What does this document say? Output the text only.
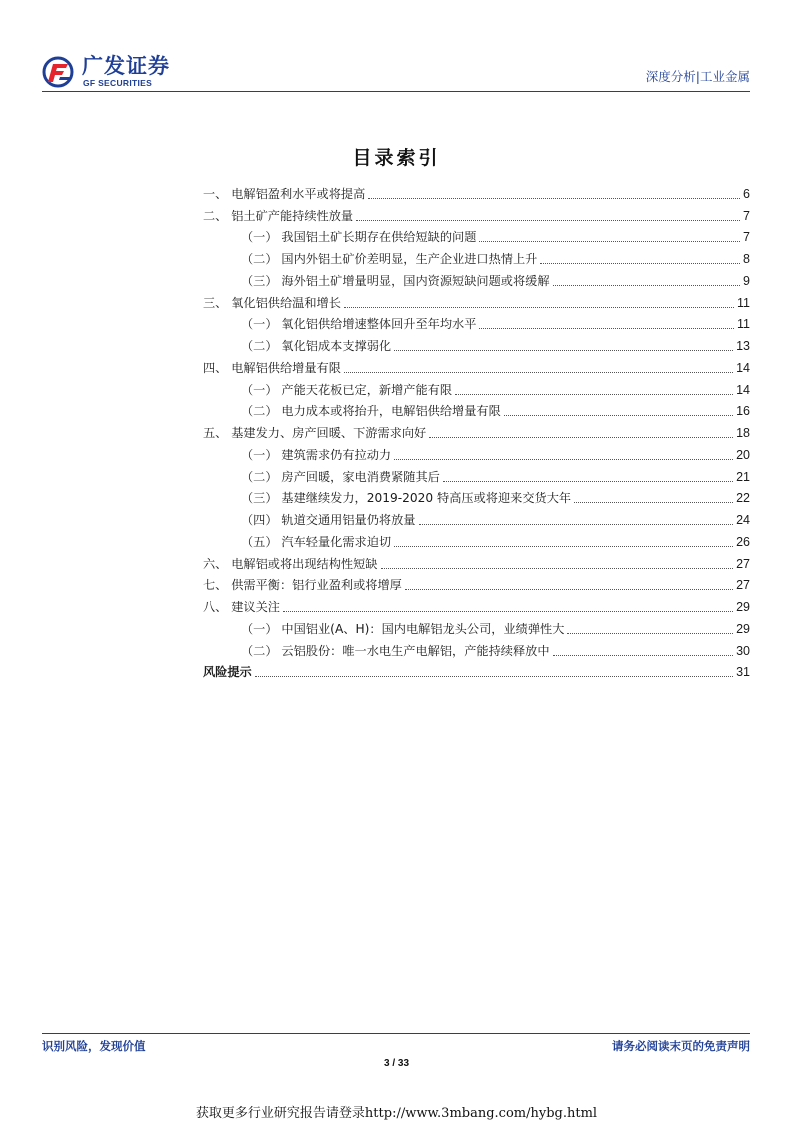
广发证券
GF SECURITIES	深度分析|工业金属
目录索引
一、 电解铝盈利水平或将提高	6
二、 铝土矿产能持续性放量	7
（一） 我国铝土矿长期存在供给短缺的问题	7
（二） 国内外铝土矿价差明显，生产企业进口热情上升	8
（三） 海外铝土矿增量明显，国内资源短缺问题或将缓解	9
三、 氧化铝供给温和增长	11
（一） 氧化铝供给增速整体回升至年均水平	11
（二） 氧化铝成本支撑弱化	13
四、 电解铝供给增量有限	14
（一） 产能天花板已定，新增产能有限	14
（二） 电力成本或将抬升，电解铝供给增量有限	16
五、 基建发力、房产回暖、下游需求向好	18
（一） 建筑需求仍有拉动力	20
（二） 房产回暖，家电消费紧随其后	21
（三） 基建继续发力，2019-2020 特高压或将迎来交货大年	22
（四） 轨道交通用铝量仍将放量	24
（五） 汽车轻量化需求迫切	26
六、 电解铝或将出现结构性短缺	27
七、 供需平衡：铝行业盈利或将增厚	27
八、 建议关注	29
（一） 中国铝业(A、H)：国内电解铝龙头公司，业绩弹性大	29
（二） 云铝股份：唯一水电生产电解铝，产能持续释放中	30
风险提示	31
识别风险，发现价值	请务必阅读末页的免责声明
3 / 33
获取更多行业研究报告请登录http://www.3mbang.com/hybg.html
